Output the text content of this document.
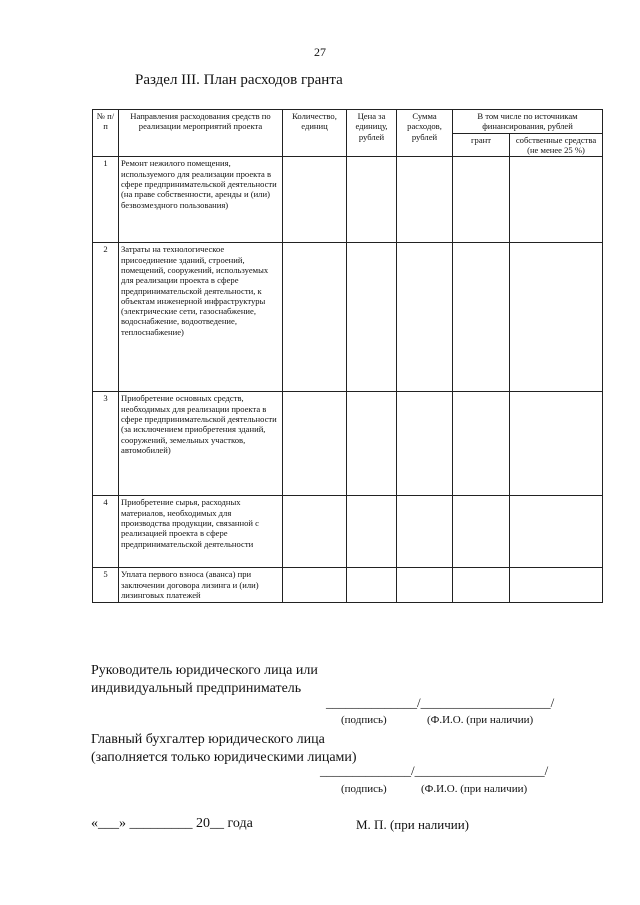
27
Раздел III. План расходов гранта
№ п/п	Направления расходования средств по реализации мероприятий проекта	Количество, единиц	Цена за единицу, рублей	Сумма расходов, рублей	В том числе по источникам финансирования, рублей	
					грант	собственные средства (не менее 25 %)
1	Ремонт нежилого помещения, используемого для реализации проекта в сфере предпринимательской деятельности (на праве собственности, аренды и (или) безвозмездного пользования)					
2	Затраты на технологическое присоединение зданий, строений, помещений, сооружений, используемых для реализации проекта в сфере предпринимательской деятельности, к объектам инженерной инфраструктуры (электрические сети, газоснабжение, водоснабжение, водоотведение, теплоснабжение)					
3	Приобретение основных средств, необходимых для реализации проекта в сфере предпринимательской деятельности (за исключением приобретения зданий, сооружений, земельных участков, автомобилей)					
4	Приобретение сырья, расходных материалов, необходимых для производства продукции, связанной с реализацией проекта в сфере предпринимательской деятельности					
5	Уплата первого взноса (аванса) при заключении договора лизинга и (или) лизинговых платежей					
Руководитель юридического лица или индивидуальный предприниматель
______________/____________________/
(подпись)	(Ф.И.О. (при наличии)
Главный бухгалтер юридического лица (заполняется только юридическими лицами)
______________/____________________/
(подпись)	(Ф.И.О. (при наличии)
«___» _________ 20__ года	М. П. (при наличии)
